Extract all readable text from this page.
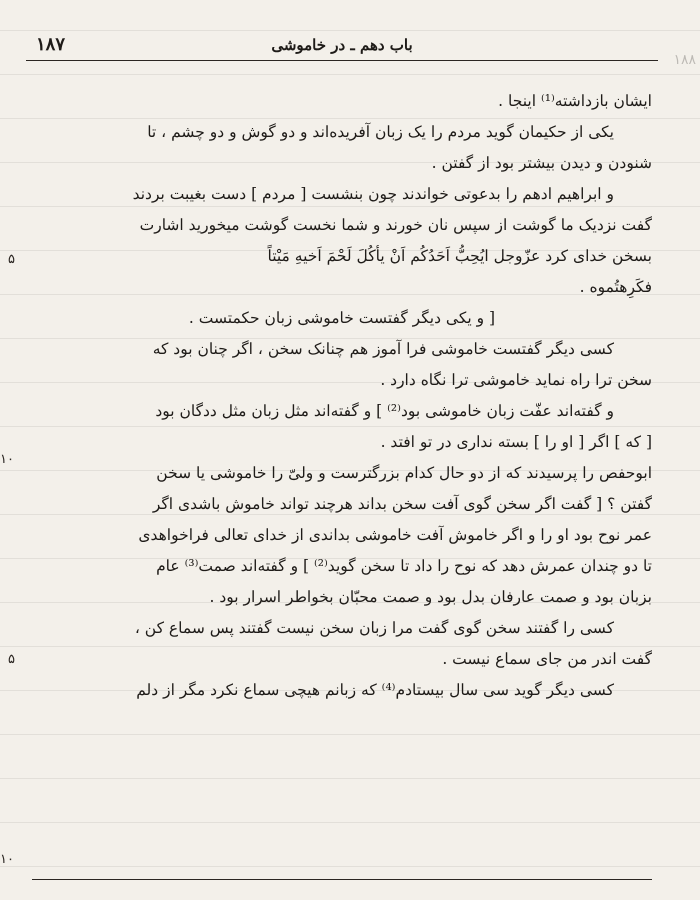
۱۸۷	باب دهم ـ در خاموشی
۱۸۸
۵
۱۰
۵
۱۰
ایشان بازداشته⁽¹⁾ اینجا .
یکی از حکیمان گوید مردم را یک زبان آفریده‌اند و دو گوش و دو چشم ، تا
شنودن و دیدن بیشتر بود از گفتن .
و ابراهیم ادهم را بدعوتی خواندند چون بنشست [ مردم ] دست بغیبت بردند
گفت نزدیک ما گوشت از سپس نان خورند و شما نخست گوشت میخورید اشارت
بسخن خدای کرد عزّوجل ایُحِبُّ اَحَدُکُم اَنْ یأکُلَ لَحْمَ اَخیهِ مَیْتاً
فکَرِهتُموه .
[ و یکی دیگر گفتست خاموشی زبان حکمتست .
کسی دیگر گفتست خاموشی فرا آموز هم چنانک سخن ، اگر چنان بود که
سخن ترا راه نماید خاموشی ترا نگاه دارد .
و گفته‌اند عفّت زبان خاموشی بود⁽²⁾ ] و گفته‌اند مثل زبان مثل ددگان بود
[ که ] اگر [ او را ] بسته نداری در تو افتد .
ابوحفص را پرسیدند که از دو حال کدام بزرگترست و ولیّ را خاموشی یا سخن
گفتن ؟ [ گفت اگر سخن گوی آفت سخن بداند هرچند تواند خاموش باشدی اگر
عمر نوح بود او را و اگر خاموش آفت خاموشی بداندی از خدای تعالی فراخواهدی
تا دو چندان عمرش دهد که نوح را داد تا سخن گوید⁽²⁾ ] و گفته‌اند صمت⁽³⁾ عام
بزبان بود و صمت عارفان بدل بود و صمت محبّان بخواطر اسرار بود .
کسی را گفتند سخن گوی گفت مرا زبان سخن نیست گفتند پس سماع کن ،
گفت اندر من جای سماع نیست .
کسی دیگر گوید سی سال بیستادم⁽⁴⁾ که زبانم هیچی سماع نکرد مگر از دلم
